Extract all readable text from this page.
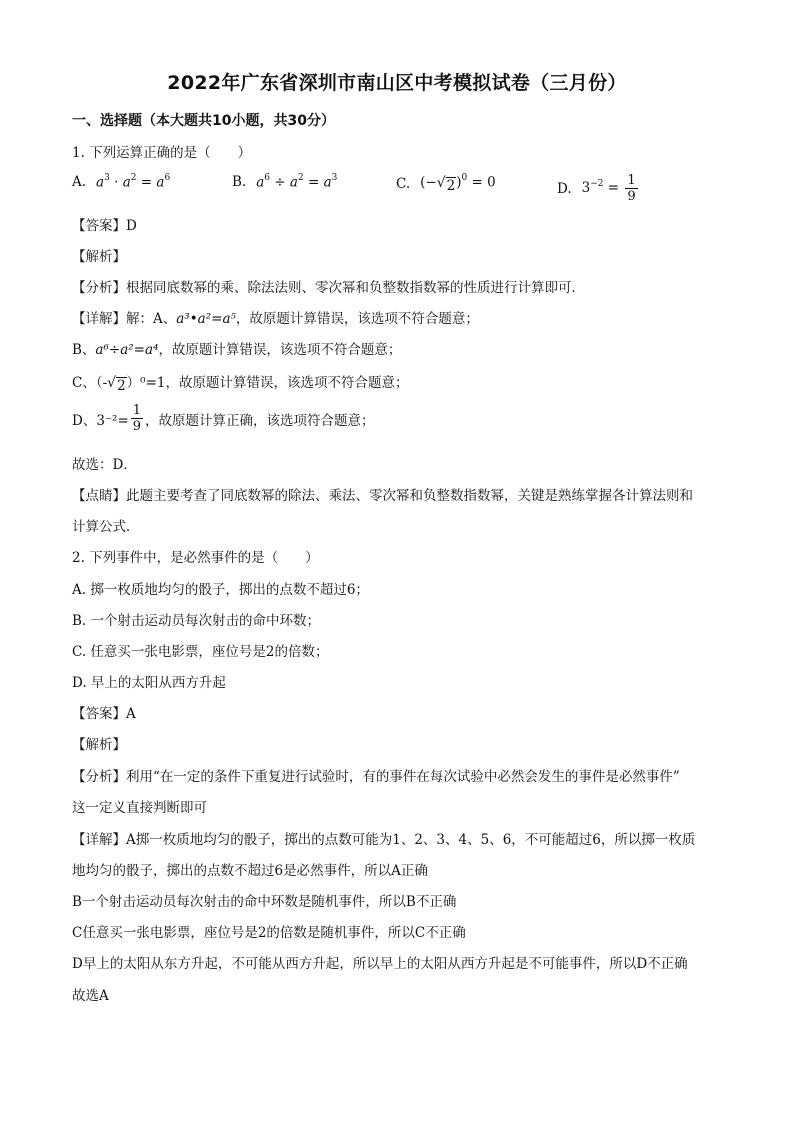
2022年广东省深圳市南山区中考模拟试卷（三月份）
一、选择题（本大题共10小题，共30分）
1. 下列运算正确的是（　　）
A. $a^3 \cdot a^2 = a^6$	B. $a^6 \div a^2 = a^3$	C. (− √ 2 )$^0$ = 0	D. $3^{-2} = \frac{1}{9}$
【答案】D
【解析】
【分析】根据同底数幂的乘、除法法则、零次幂和负整数指数幂的性质进行计算即可．
【详解】解：A、a³•a²=a⁵，故原题计算错误，该选项不符合题意；
B、a⁶÷a²=a⁴，故原题计算错误，该选项不符合题意；
C、（- √ 2 ）⁰=1，故原题计算错误，该选项不符合题意；
D、$3^{-2}= \frac{1}{9}$ ，故原题计算正确，该选项符合题意；
故选：D．
【点睛】此题主要考查了同底数幂的除法、乘法、零次幂和负整数指数幂，关键是熟练掌握各计算法则和
计算公式．
2. 下列事件中，是必然事件的是（　　）
A. 掷一枚质地均匀的骰子，掷出的点数不超过6；
B. 一个射击运动员每次射击的命中环数；
C. 任意买一张电影票，座位号是2的倍数；
D. 早上的太阳从西方升起
【答案】A
【解析】
【分析】利用“在一定的条件下重复进行试验时，有的事件在每次试验中必然会发生的事件是必然事件”
这一定义直接判断即可
【详解】A掷一枚质地均匀的骰子，掷出的点数可能为1、2、3、4、5、6，不可能超过6，所以掷一枚质
地均匀的骰子，掷出的点数不超过6是必然事件，所以A正确
B一个射击运动员每次射击的命中环数是随机事件，所以B不正确
C任意买一张电影票，座位号是2的倍数是随机事件，所以C不正确
D早上的太阳从东方升起，不可能从西方升起，所以早上的太阳从西方升起是不可能事件，所以D不正确
故选A
